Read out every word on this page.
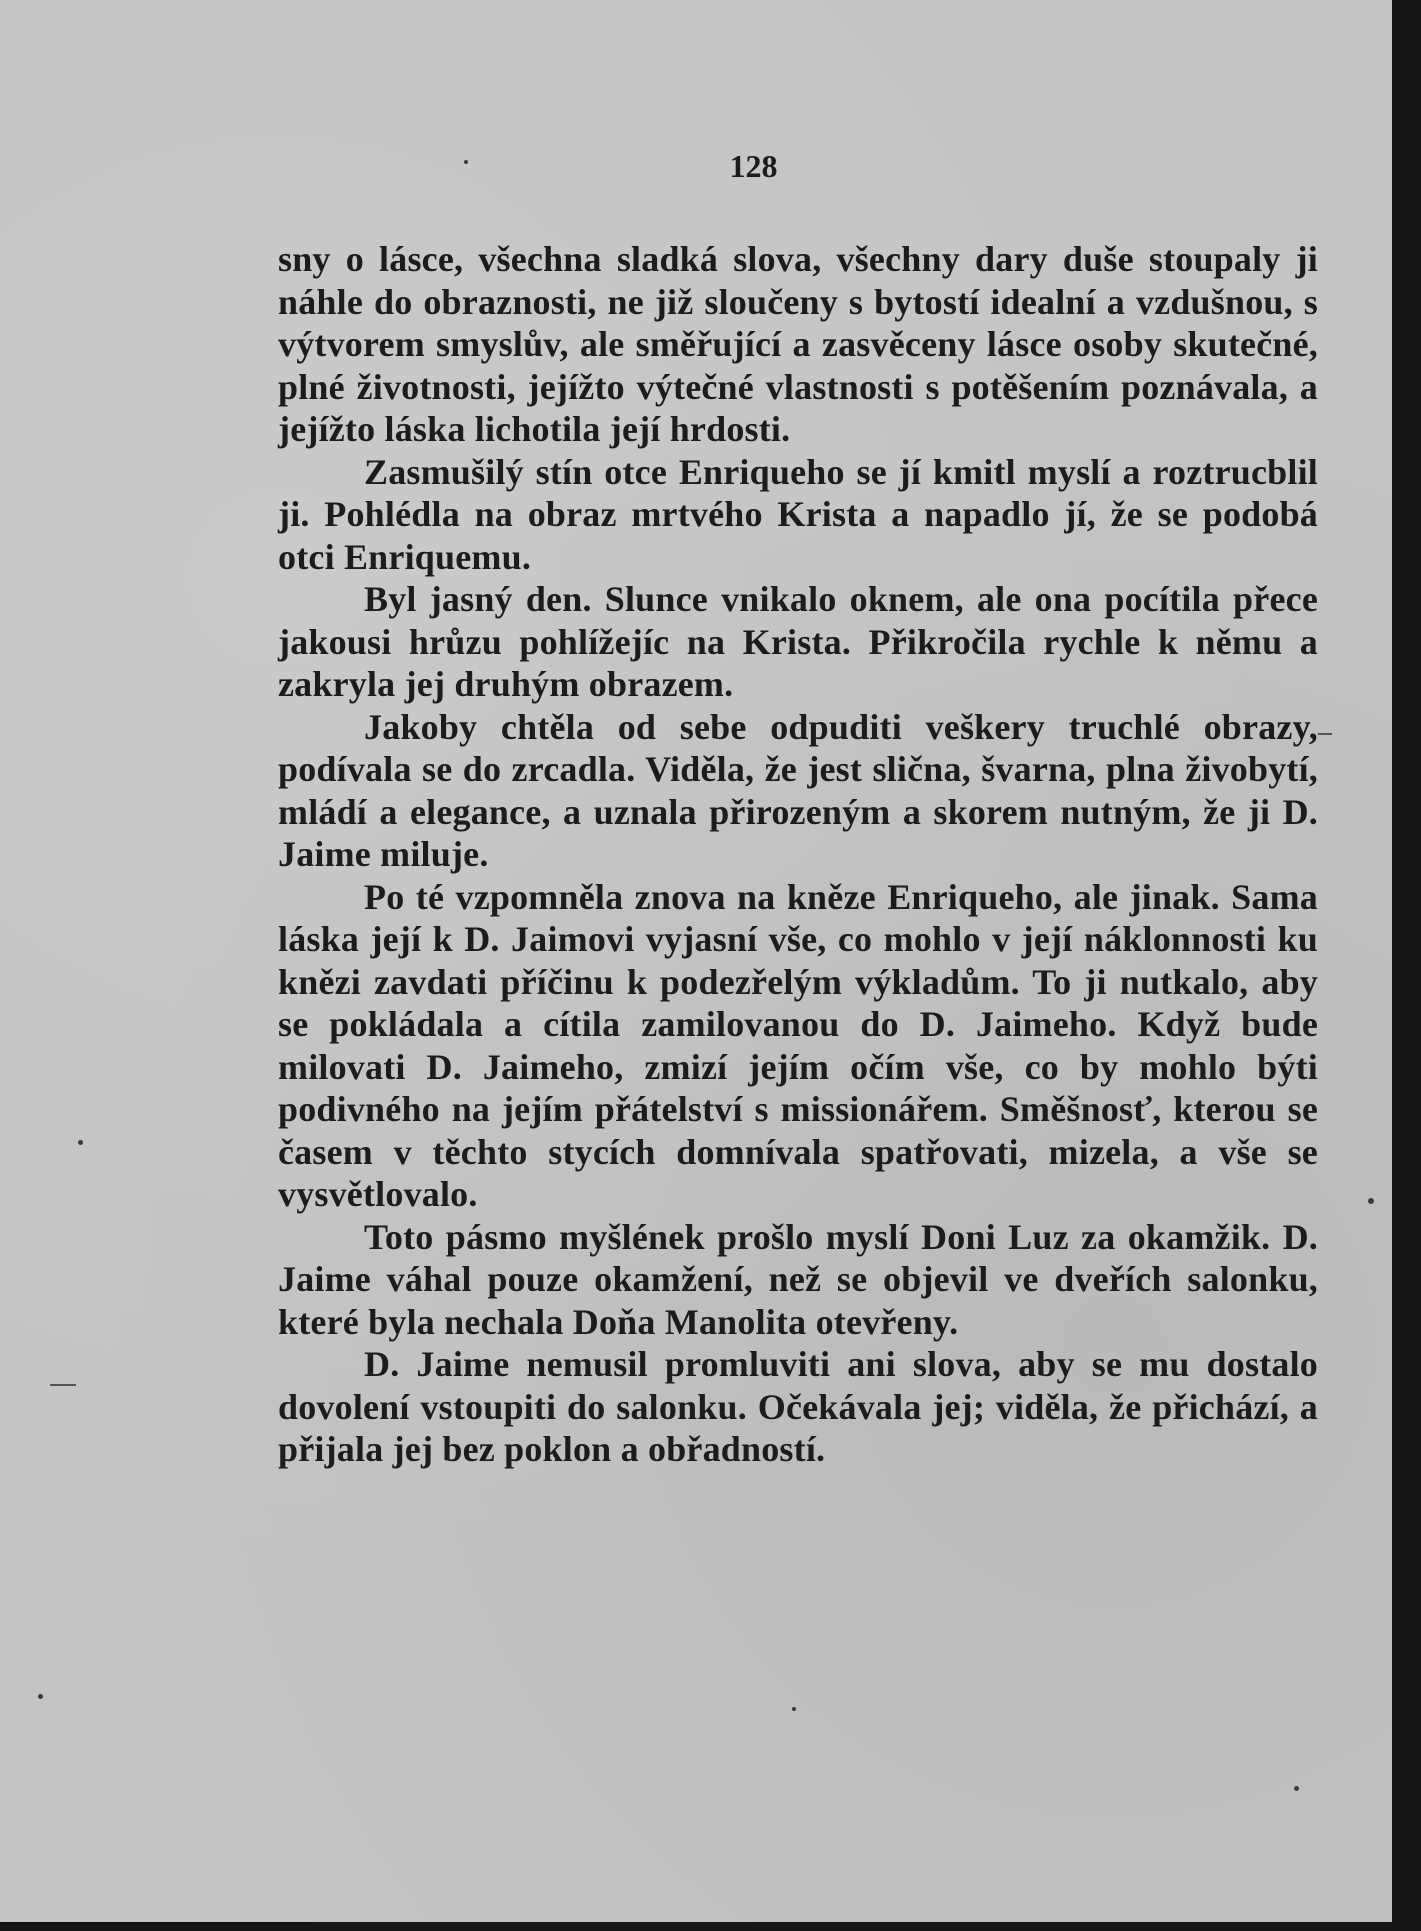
128

sny o lásce, všechna sladká slova, všechny dary duše stoupaly ji náhle do obraznosti, ne již sloučeny s bytostí idealní a vzdušnou, s výtvorem smyslův, ale směřující a zasvěceny lásce osoby skutečné, plné životnosti, jejížto výtečné vlastnosti s potěšením poznávala, a jejížto láska lichotila její hrdosti.

Zasmušilý stín otce Enriqueho se jí kmitl myslí a roztrucblil ji. Pohlédla na obraz mrtvého Krista a napadlo jí, že se podobá otci Enriquemu.

Byl jasný den. Slunce vnikalo oknem, ale ona pocítila přece jakousi hrůzu pohlížejíc na Krista. Přikročila rychle k němu a zakryla jej druhým obrazem.

Jakoby chtěla od sebe odpuditi veškery truchlé obrazy, podívala se do zrcadla. Viděla, že jest slična, švarna, plna živobytí, mládí a elegance, a uznala přirozeným a skorem nutným, že ji D. Jaime miluje.

Po té vzpomněla znova na kněze Enriqueho, ale jinak. Sama láska její k D. Jaimovi vyjasní vše, co mohlo v její náklonnosti ku knězi zavdati příčinu k podezřelým výkladům. To ji nutkalo, aby se pokládala a cítila zamilovanou do D. Jaimeho. Když bude milovati D. Jaimeho, zmizí jejím očím vše, co by mohlo býti podivného na jejím přátelství s missionářem. Směšnosť, kterou se časem v těchto stycích domnívala spatřovati, mizela, a vše se vysvětlovalo.

Toto pásmo myšlének prošlo myslí Doni Luz za okamžik. D. Jaime váhal pouze okamžení, než se objevil ve dveřích salonku, které byla nechala Doňa Manolita otevřeny.

D. Jaime nemusil promluviti ani slova, aby se mu dostalo dovolení vstoupiti do salonku. Očekávala jej; viděla, že přichází, a přijala jej bez poklon a obřadností.
